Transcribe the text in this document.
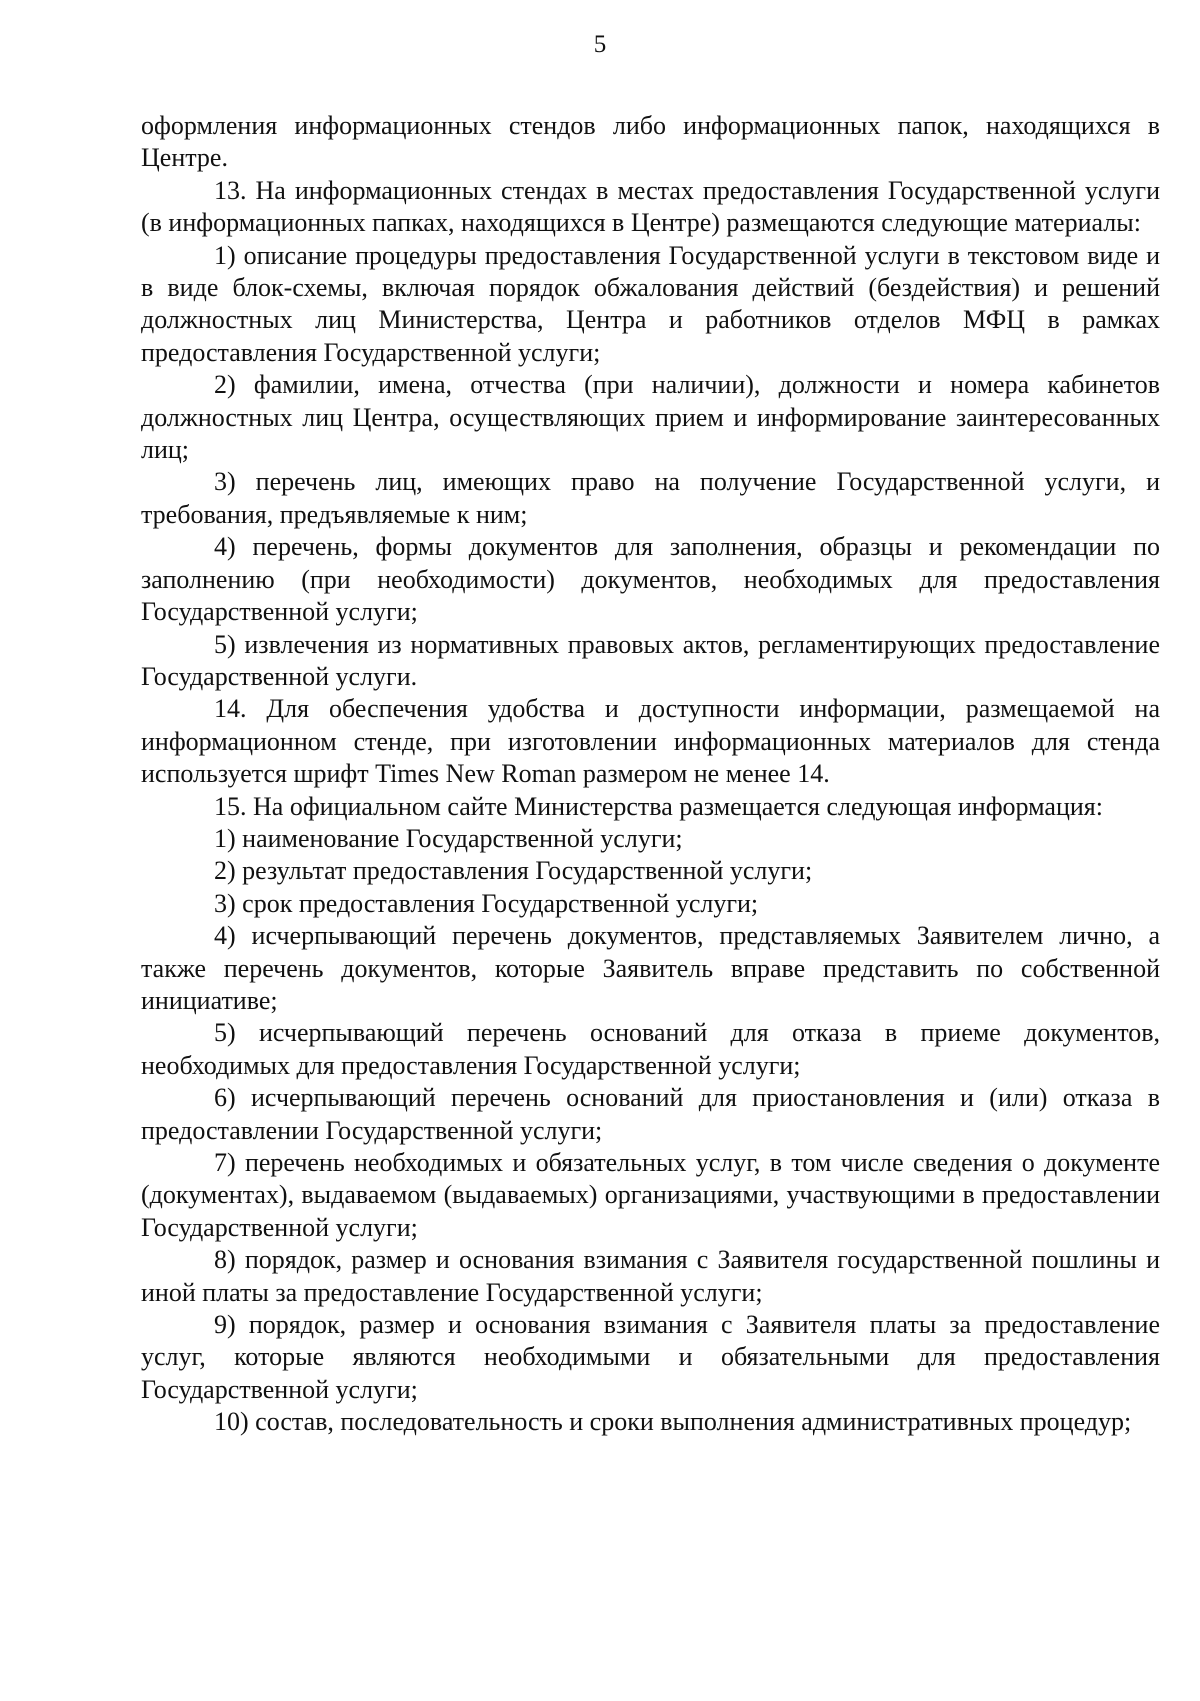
5

оформления информационных стендов либо информационных папок, находящихся в Центре.

13. На информационных стендах в местах предоставления Государственной услуги (в информационных папках, находящихся в Центре) размещаются следующие материалы:

1) описание процедуры предоставления Государственной услуги в текстовом виде и в виде блок-схемы, включая порядок обжалования действий (бездействия) и решений должностных лиц Министерства, Центра и работников отделов МФЦ в рамках предоставления Государственной услуги;

2) фамилии, имена, отчества (при наличии), должности и номера кабинетов должностных лиц Центра, осуществляющих прием и информирование заинтересованных лиц;

3) перечень лиц, имеющих право на получение Государственной услуги, и требования, предъявляемые к ним;

4) перечень, формы документов для заполнения, образцы и рекомендации по заполнению (при необходимости) документов, необходимых для предоставления Государственной услуги;

5) извлечения из нормативных правовых актов, регламентирующих предоставление Государственной услуги.

14. Для обеспечения удобства и доступности информации, размещаемой на информационном стенде, при изготовлении информационных материалов для стенда используется шрифт Times New Roman размером не менее 14.

15. На официальном сайте Министерства размещается следующая информация:

1) наименование Государственной услуги;

2) результат предоставления Государственной услуги;

3) срок предоставления Государственной услуги;

4) исчерпывающий перечень документов, представляемых Заявителем лично, а также перечень документов, которые Заявитель вправе представить по собственной инициативе;

5) исчерпывающий перечень оснований для отказа в приеме документов, необходимых для предоставления Государственной услуги;

6) исчерпывающий перечень оснований для приостановления и (или) отказа в предоставлении Государственной услуги;

7) перечень необходимых и обязательных услуг, в том числе сведения о документе (документах), выдаваемом (выдаваемых) организациями, участвующими в предоставлении Государственной услуги;

8) порядок, размер и основания взимания с Заявителя государственной пошлины и иной платы за предоставление Государственной услуги;

9) порядок, размер и основания взимания с Заявителя платы за предоставление услуг, которые являются необходимыми и обязательными для предоставления Государственной услуги;

10) состав, последовательность и сроки выполнения административных процедур;
